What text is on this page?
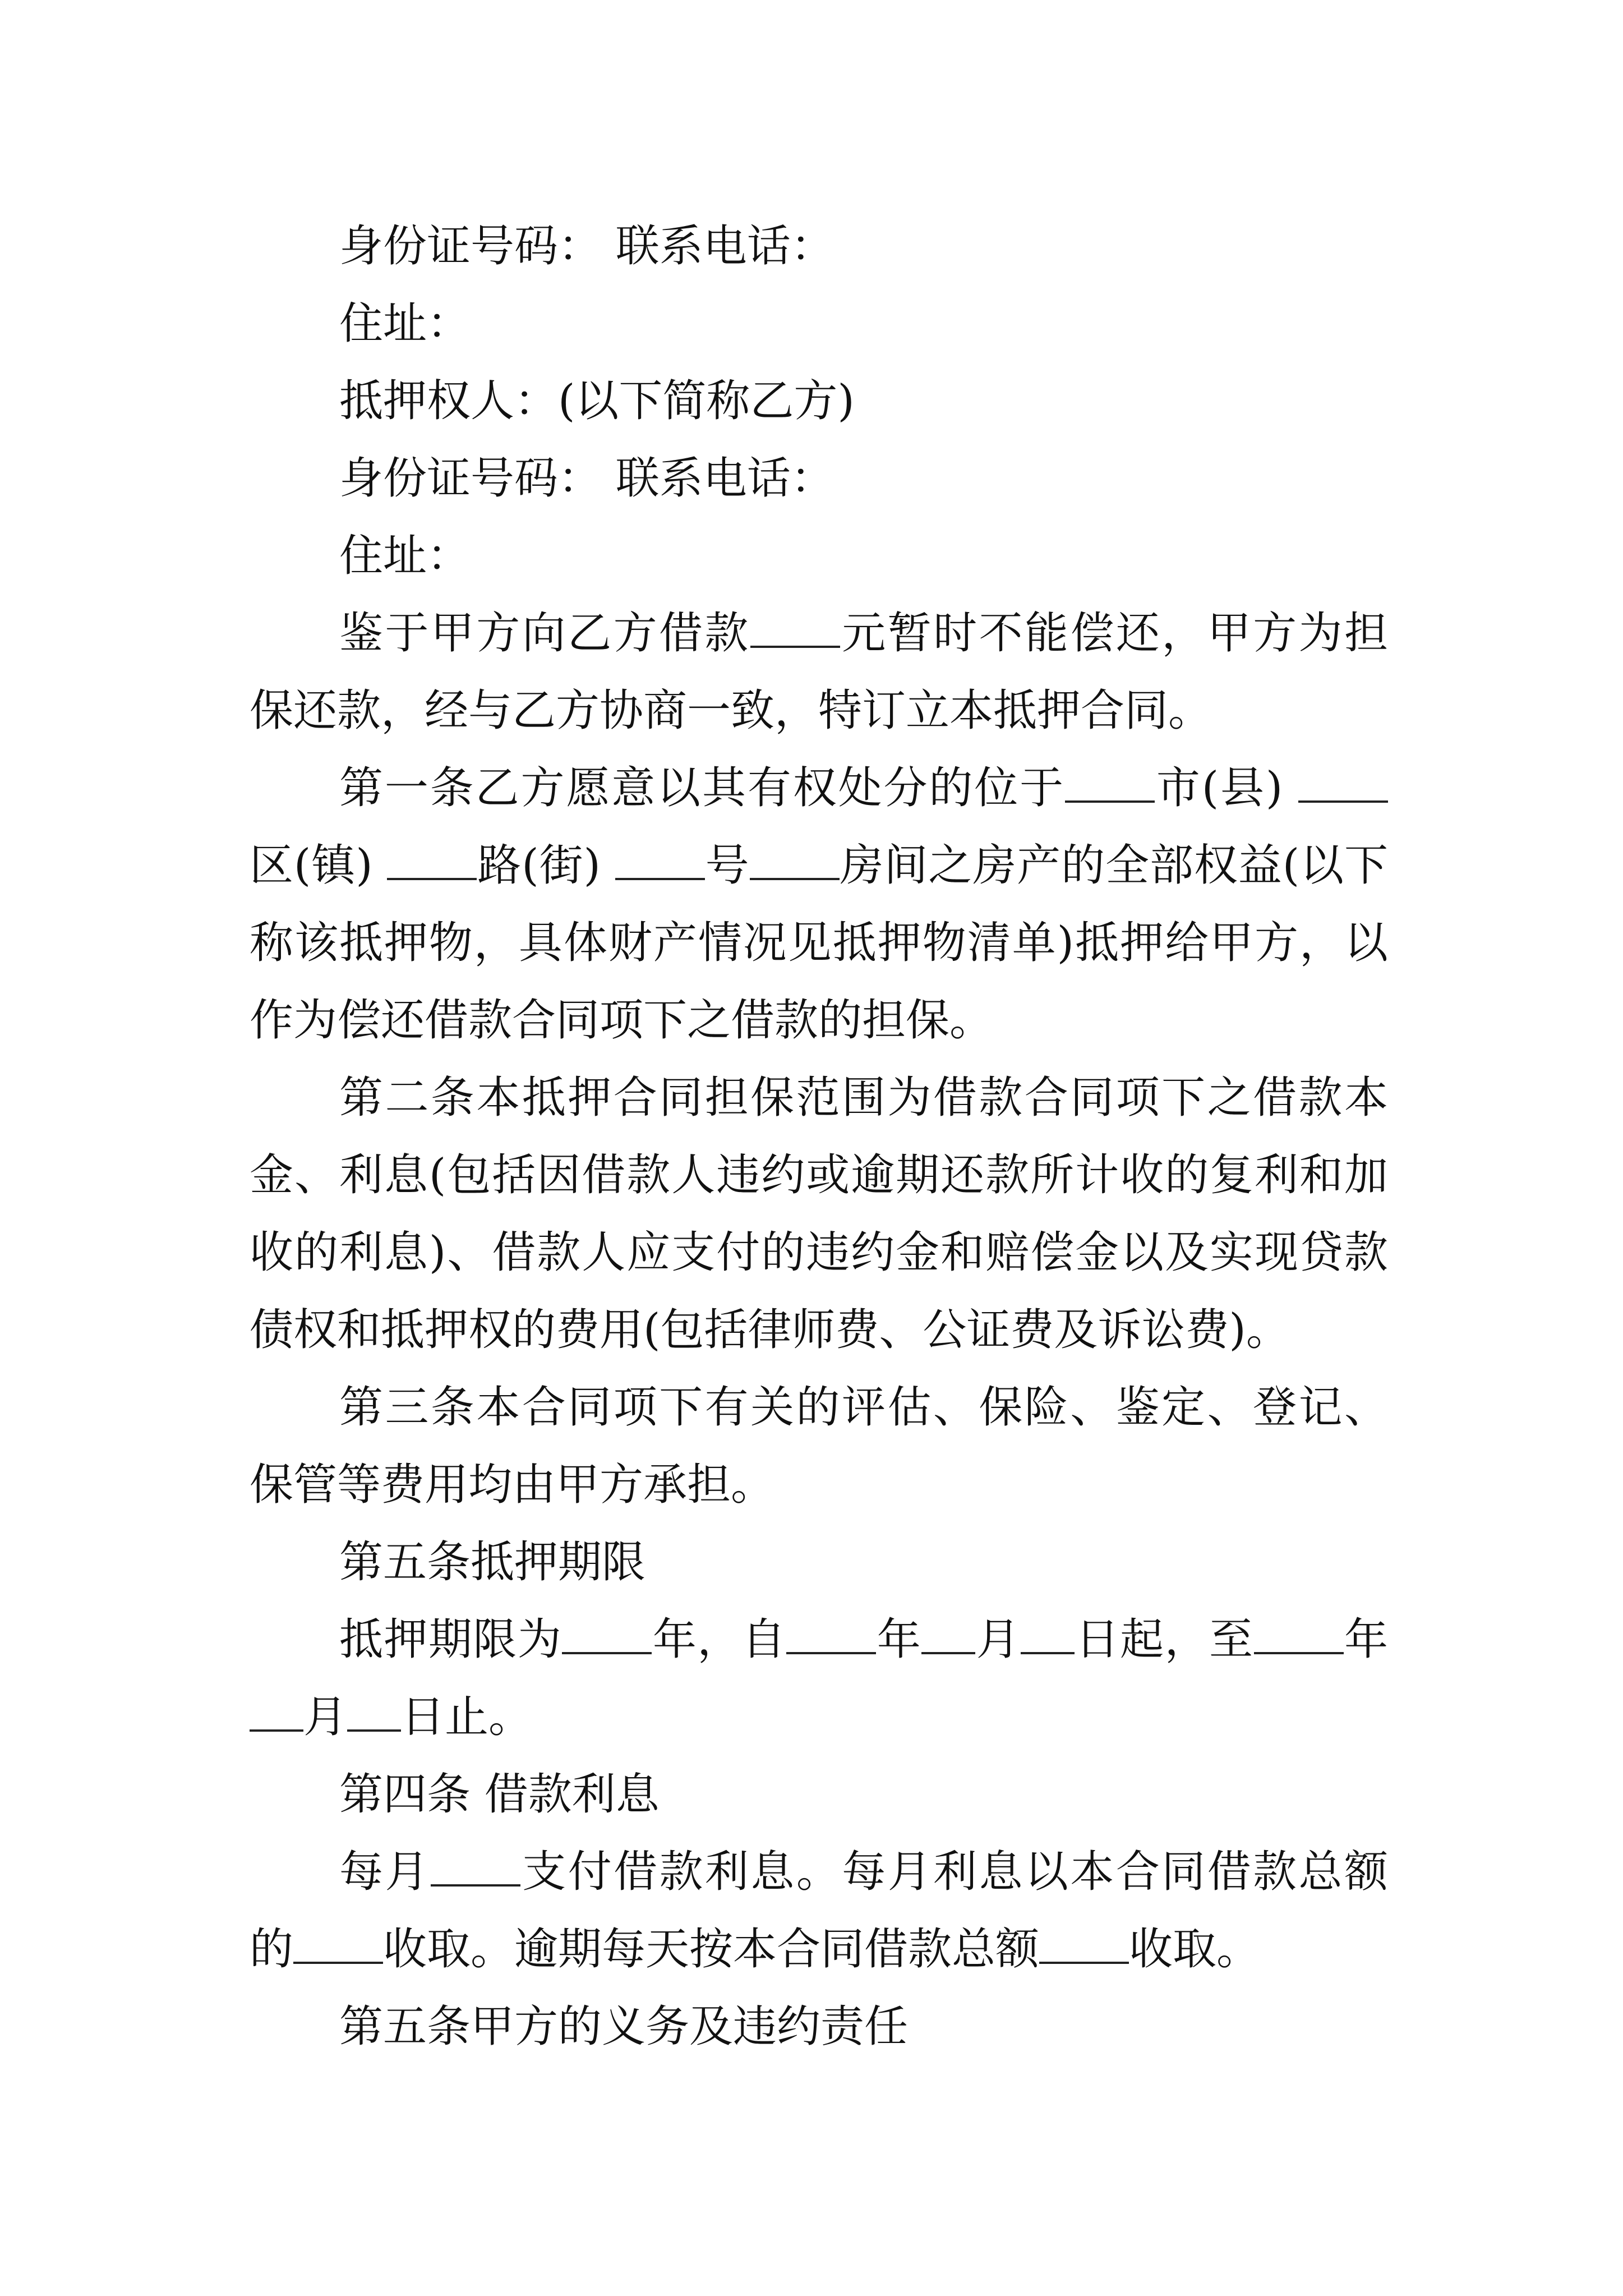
身份证号码： 联系电话：

住址：

抵押权人：(以下简称乙方)

身份证号码： 联系电话：

住址：

鉴于甲方向乙方借款 元暂时不能偿还，甲方为担保还款，经与乙方协商一致，特订立本抵押合同。

第一条乙方愿意以其有权处分的位于 市(县) 区(镇) 路(街) 号 房间之房产的全部权益(以下称该抵押物，具体财产情况见抵押物清单)抵押给甲方，以作为偿还借款合同项下之借款的担保。

第二条本抵押合同担保范围为借款合同项下之借款本金、利息(包括因借款人违约或逾期还款所计收的复利和加收的利息)、借款人应支付的违约金和赔偿金以及实现贷款债权和抵押权的费用(包括律师费、公证费及诉讼费)。

第三条本合同项下有关的评估、保险、鉴定、登记、保管等费用均由甲方承担。

第五条抵押期限

抵押期限为 年，自 年 月 日起，至 年月 日止。

第四条 借款利息

每月 支付借款利息。每月利息以本合同借款总额的 收取。逾期每天按本合同借款总额 收取。

第五条甲方的义务及违约责任
